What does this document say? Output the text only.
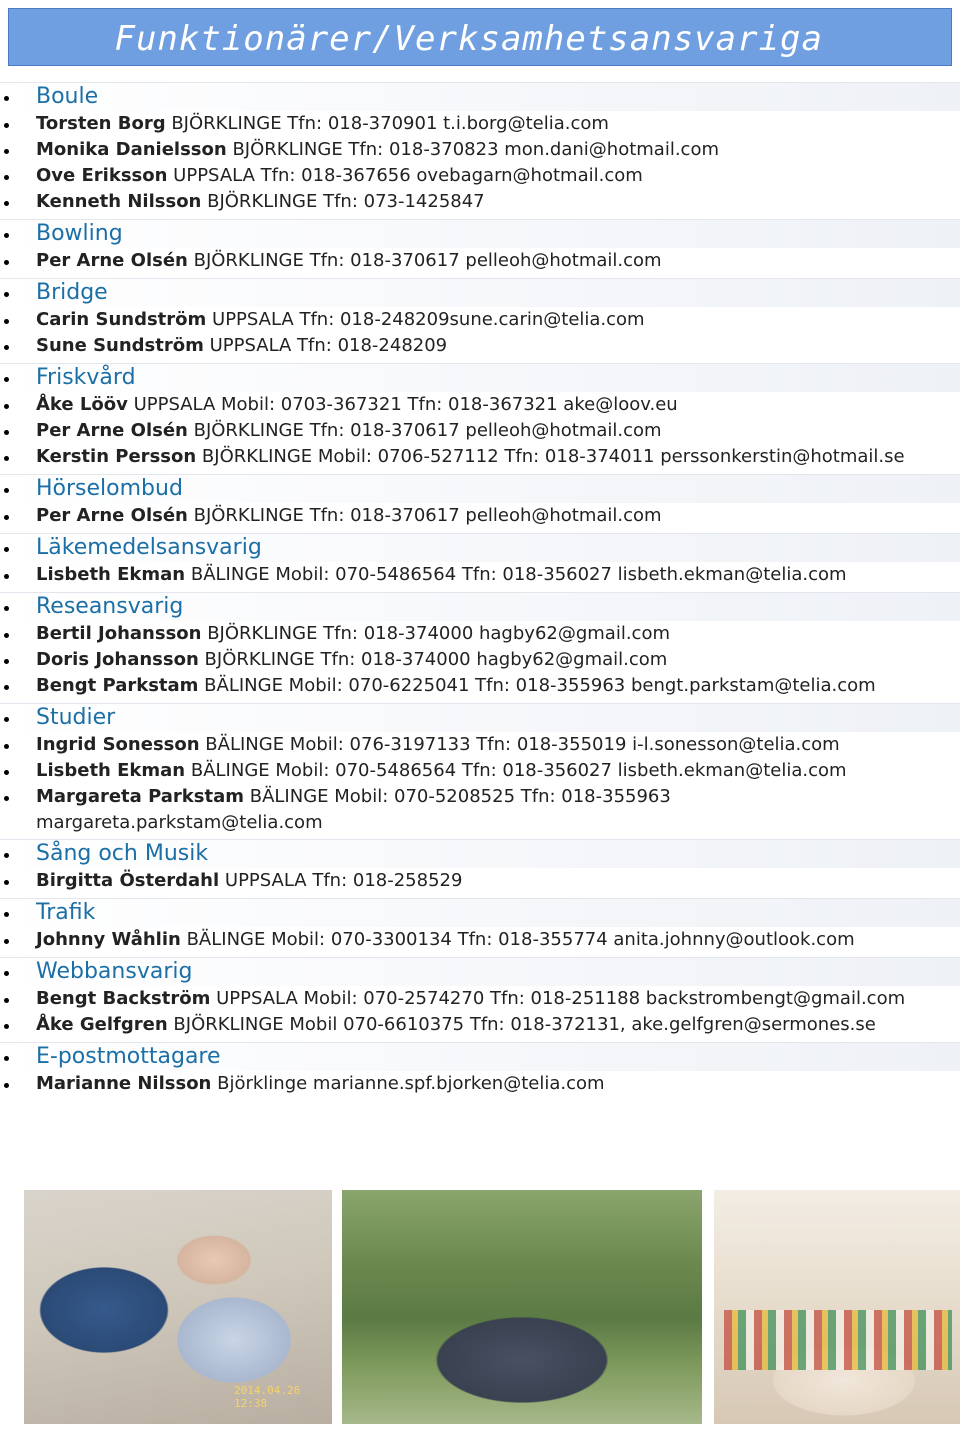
Funktionärer/Verksamhetsansvariga
Boule
Torsten Borg BJÖRKLINGE Tfn: 018-370901 t.i.borg@telia.com
Monika Danielsson BJÖRKLINGE Tfn: 018-370823 mon.dani@hotmail.com
Ove Eriksson UPPSALA Tfn: 018-367656 ovebagarn@hotmail.com
Kenneth Nilsson BJÖRKLINGE Tfn: 073-1425847
Bowling
Per Arne Olsén BJÖRKLINGE Tfn: 018-370617 pelleoh@hotmail.com
Bridge
Carin Sundström UPPSALA Tfn: 018-248209sune.carin@telia.com
Sune Sundström UPPSALA Tfn: 018-248209
Friskvård
Åke Lööv UPPSALA Mobil: 0703-367321 Tfn: 018-367321 ake@loov.eu
Per Arne Olsén BJÖRKLINGE Tfn: 018-370617 pelleoh@hotmail.com
Kerstin Persson BJÖRKLINGE Mobil: 0706-527112 Tfn: 018-374011 perssonkerstin@hotmail.se
Hörselombud
Per Arne Olsén BJÖRKLINGE Tfn: 018-370617 pelleoh@hotmail.com
Läkemedelsansvarig
Lisbeth Ekman BÄLINGE Mobil: 070-5486564 Tfn: 018-356027 lisbeth.ekman@telia.com
Reseansvarig
Bertil Johansson BJÖRKLINGE Tfn: 018-374000 hagby62@gmail.com
Doris Johansson BJÖRKLINGE Tfn: 018-374000 hagby62@gmail.com
Bengt Parkstam BÄLINGE Mobil: 070-6225041 Tfn: 018-355963 bengt.parkstam@telia.com
Studier
Ingrid Sonesson BÄLINGE Mobil: 076-3197133 Tfn: 018-355019 i-l.sonesson@telia.com
Lisbeth Ekman BÄLINGE Mobil: 070-5486564 Tfn: 018-356027 lisbeth.ekman@telia.com
Margareta Parkstam BÄLINGE Mobil: 070-5208525 Tfn: 018-355963 margareta.parkstam@telia.com
Sång och Musik
Birgitta Österdahl UPPSALA Tfn: 018-258529
Trafik
Johnny Wåhlin BÄLINGE Mobil: 070-3300134 Tfn: 018-355774 anita.johnny@outlook.com
Webbansvarig
Bengt Backström UPPSALA Mobil: 070-2574270 Tfn: 018-251188 backstrombengt@gmail.com
Åke Gelfgren BJÖRKLINGE Mobil 070-6610375 Tfn: 018-372131, ake.gelfgren@sermones.se
E-postmottagare
Marianne Nilsson Björklinge marianne.spf.bjorken@telia.com
2014.04.26 12:38
